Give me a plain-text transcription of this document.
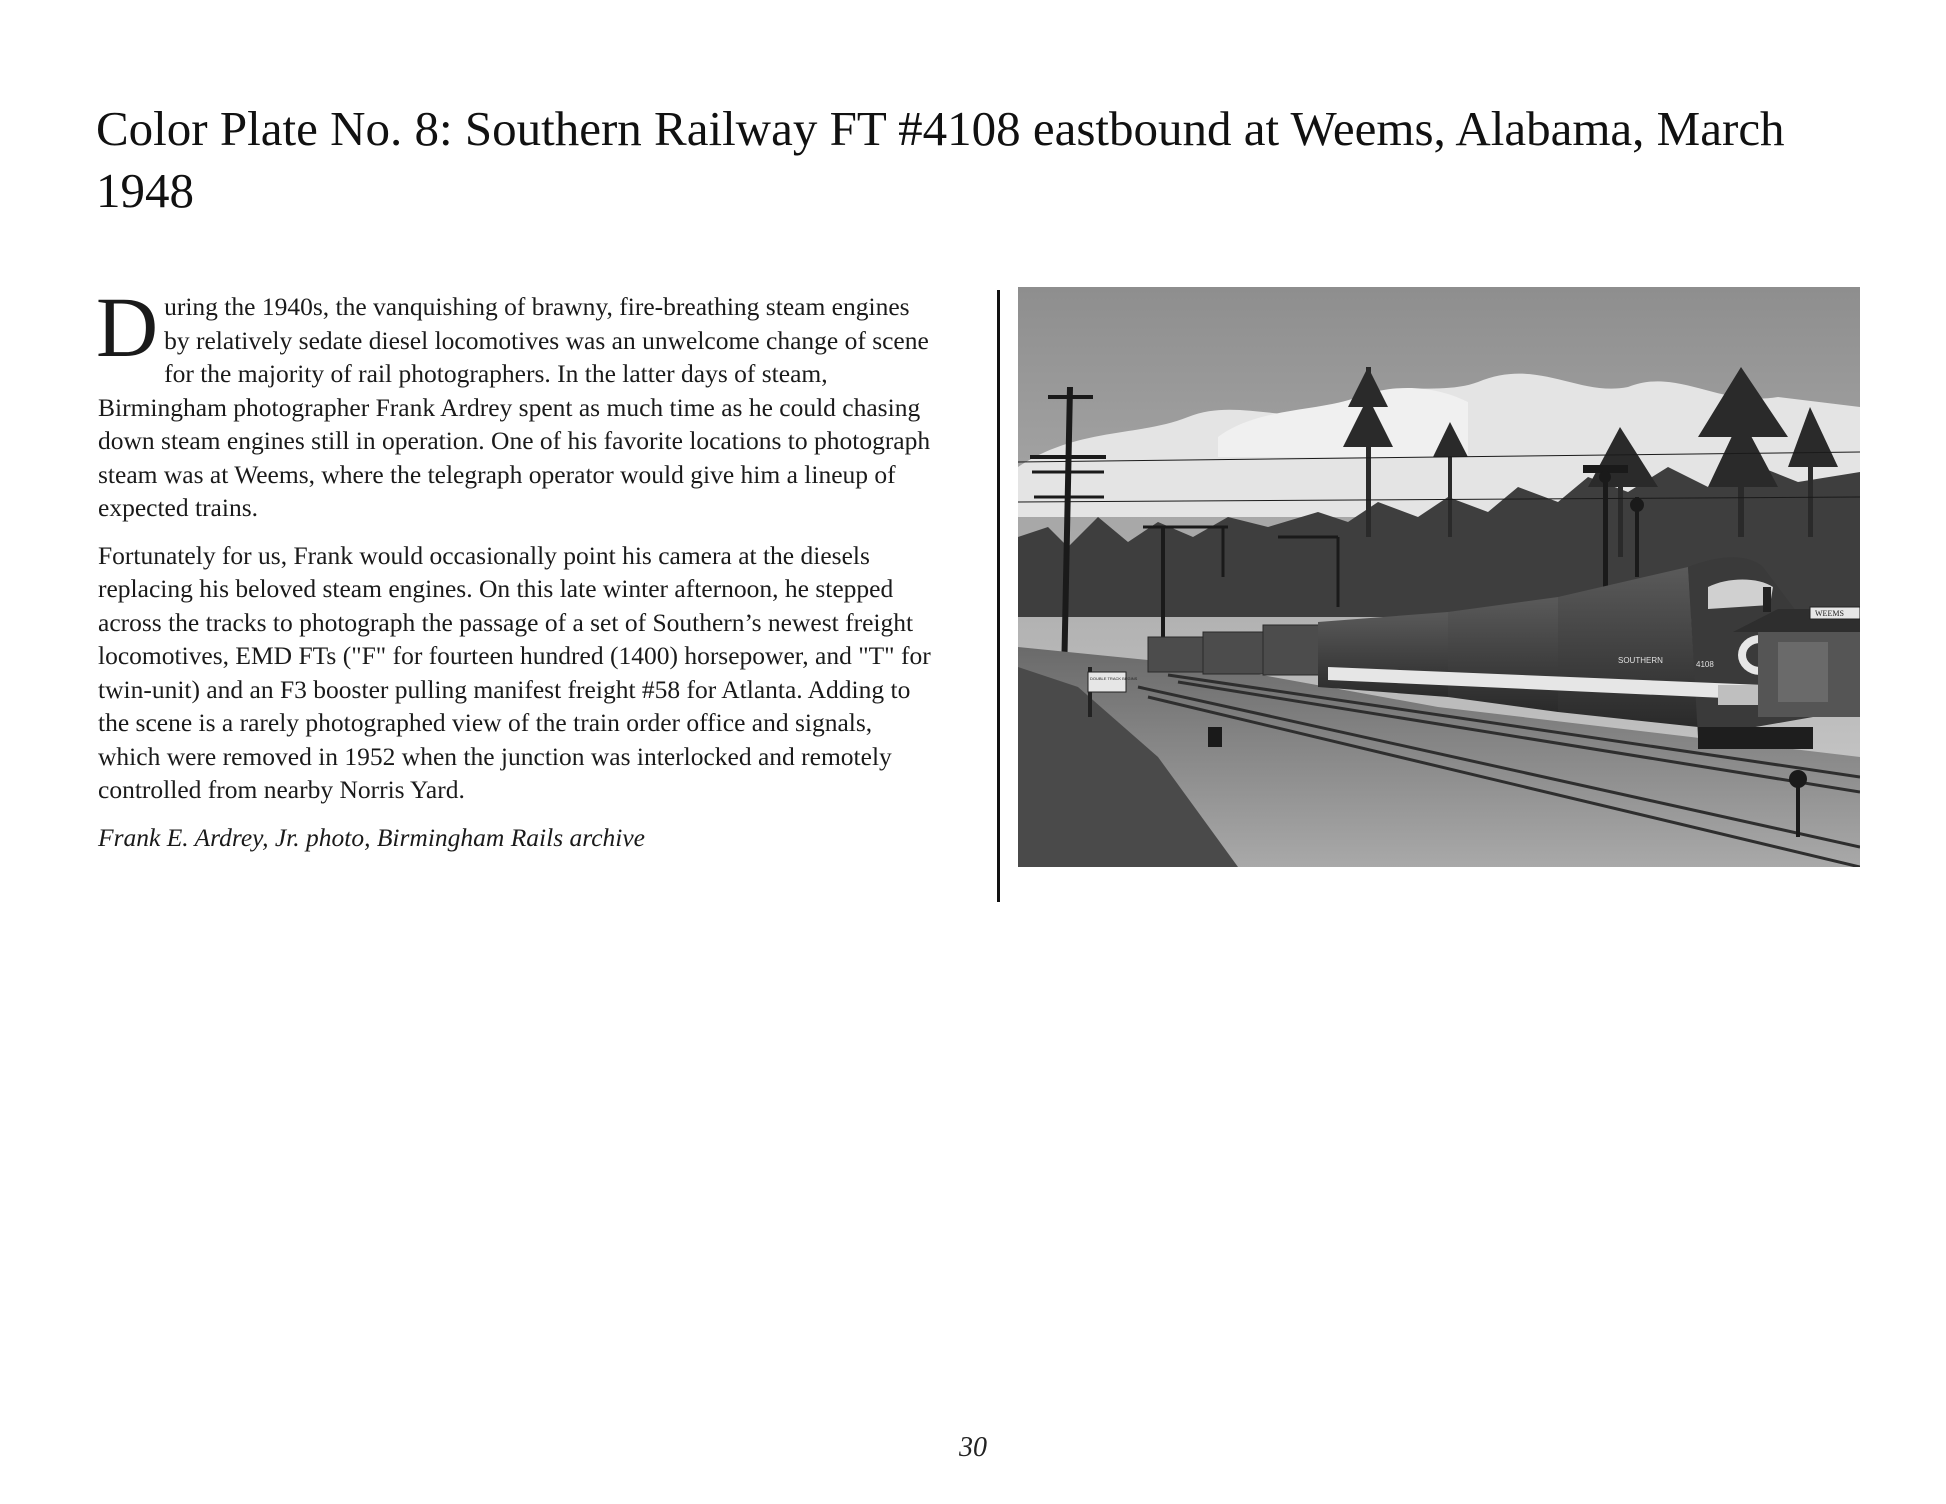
Color Plate No. 8: Southern Railway FT #4108 eastbound at Weems, Alabama, March 1948

During the 1940s, the vanquishing of brawny, fire-breathing steam engines by relatively sedate diesel locomotives was an unwelcome change of scene for the majority of rail photographers. In the latter days of steam, Birmingham photographer Frank Ardrey spent as much time as he could chasing down steam engines still in operation. One of his favorite locations to photograph steam was at Weems, where the telegraph operator would give him a lineup of expected trains.

Fortunately for us, Frank would occasionally point his camera at the diesels replacing his beloved steam engines. On this late winter afternoon, he stepped across the tracks to photograph the passage of a set of Southern’s newest freight locomotives, EMD FTs ("F" for fourteen hundred (1400) horsepower, and "T" for twin-unit) and an F3 booster pulling manifest freight #58 for Atlanta. Adding to the scene is a rarely photographed view of the train order office and signals, which were removed in 1952 when the junction was interlocked and remotely controlled from nearby Norris Yard.

Frank E. Ardrey, Jr. photo, Birmingham Rails archive

SOUTHERN	4108
WEEMS
DOUBLE TRACK BEGINS
30
